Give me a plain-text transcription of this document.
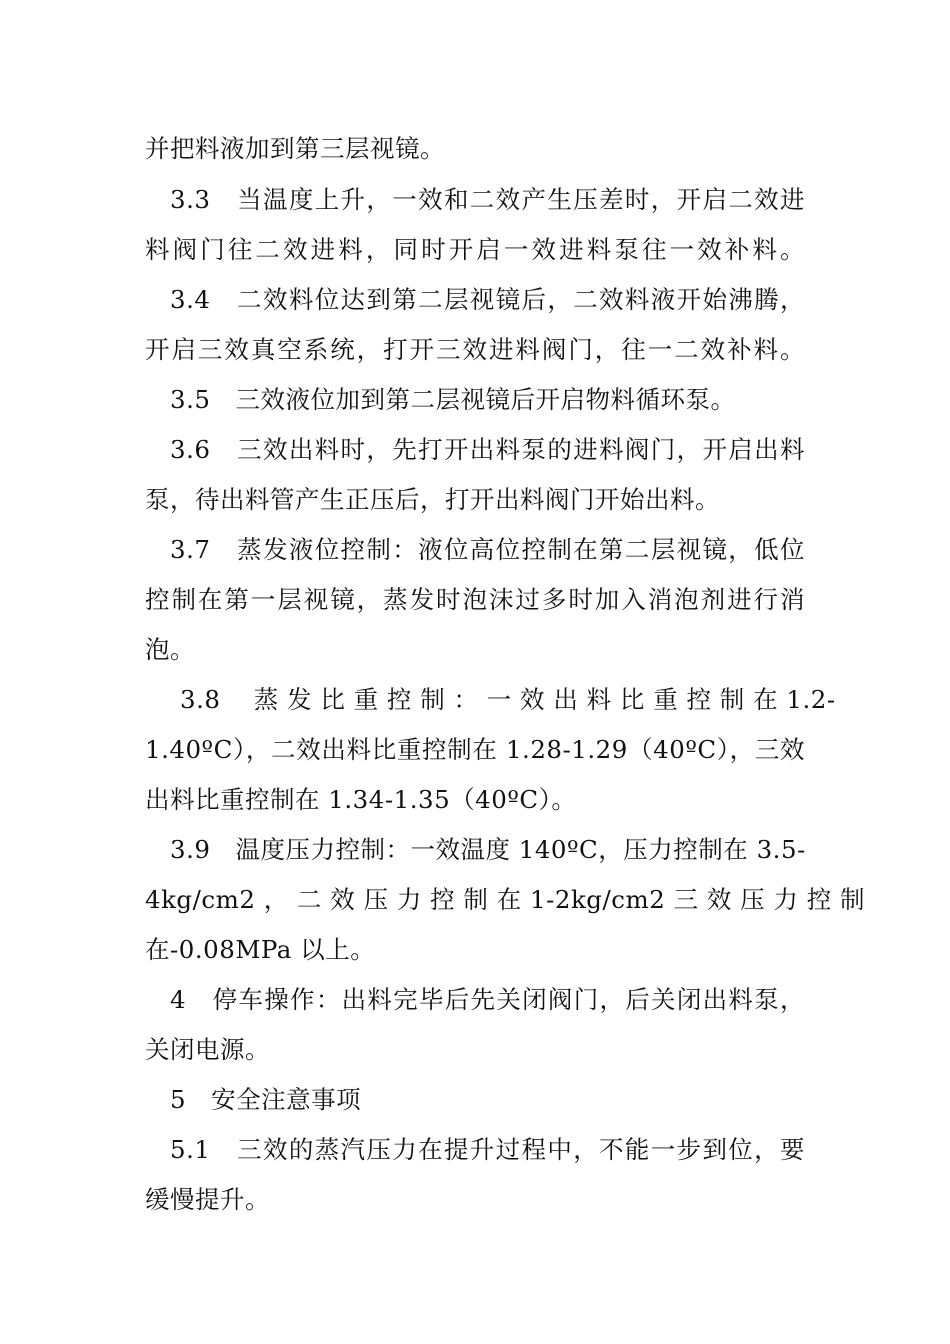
并把料液加到第三层视镜。
3.3　当温度上升，一效和二效产生压差时，开启二效进
料阀门往二效进料，同时开启一效进料泵往一效补料。
3.4　二效料位达到第二层视镜后，二效料液开始沸腾，
开启三效真空系统，打开三效进料阀门，往一二效补料。
3.5　三效液位加到第二层视镜后开启物料循环泵。
3.6　三效出料时，先打开出料泵的进料阀门，开启出料
泵，待出料管产生正压后，打开出料阀门开始出料。
3.7　蒸发液位控制：液位高位控制在第二层视镜，低位
控制在第一层视镜，蒸发时泡沫过多时加入消泡剂进行消
泡。
3.8　 蒸 发 比 重 控 制 ： 一 效 出 料 比 重 控 制 在 1.2-
1.40ºC），二效出料比重控制在 1.28-1.29（40ºC），三效
出料比重控制在 1.34-1.35（40ºC）。
3.9　温度压力控制：一效温度 140ºC，压力控制在 3.5-
4kg/cm2 ， 二 效 压 力 控 制 在 1-2kg/cm2 三 效 压 力 控 制
在-0.08MPa 以上。
4　停车操作：出料完毕后先关闭阀门，后关闭出料泵，
关闭电源。
5　安全注意事项
5.1　三效的蒸汽压力在提升过程中，不能一步到位，要
缓慢提升。
